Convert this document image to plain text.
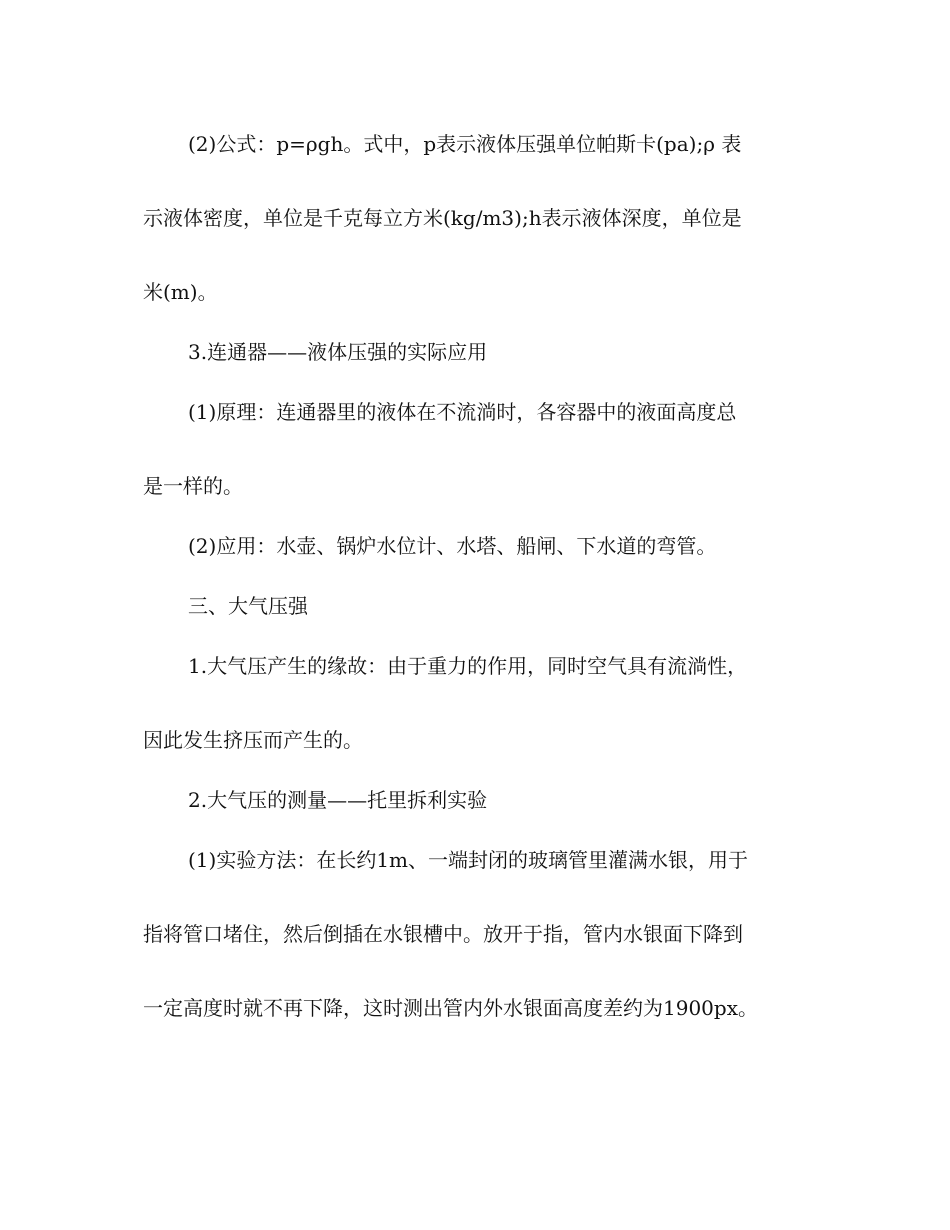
(2)公式：p=ρgh。式中，p表示液体压强单位帕斯卡(pa);ρ 表
示液体密度，单位是千克每立方米(kg/m3);h表示液体深度，单位是
米(m)。
3.连通器——液体压强的实际应用
(1)原理：连通器里的液体在不流淌时，各容器中的液面高度总
是一样的。
(2)应用：水壶、锅炉水位计、水塔、船闸、下水道的弯管。
三、大气压强
1.大气压产生的缘故：由于重力的作用，同时空气具有流淌性，
因此发生挤压而产生的。
2.大气压的测量——托里拆利实验
(1)实验方法：在长约1m、一端封闭的玻璃管里灌满水银，用于
指将管口堵住，然后倒插在水银槽中。放开于指，管内水银面下降到
一定高度时就不再下降，这时测出管内外水银面高度差约为1900px。
